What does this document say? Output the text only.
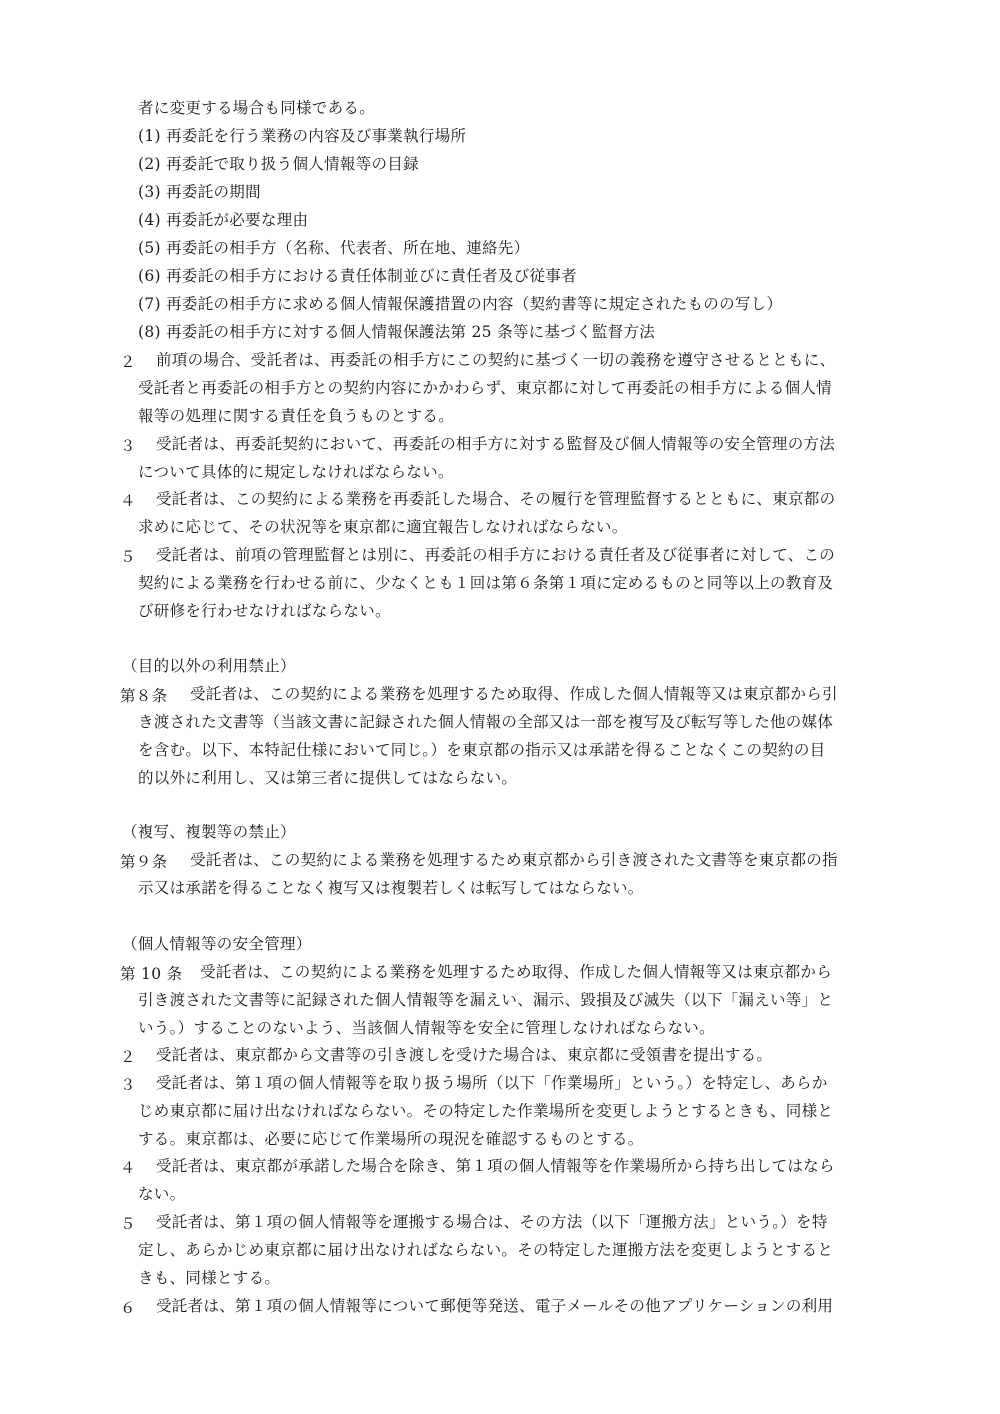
者に変更する場合も同様である。
(1) 再委託を行う業務の内容及び事業執行場所
(2) 再委託で取り扱う個人情報等の目録
(3) 再委託の期間
(4) 再委託が必要な理由
(5) 再委託の相手方（名称、代表者、所在地、連絡先）
(6) 再委託の相手方における責任体制並びに責任者及び従事者
(7) 再委託の相手方に求める個人情報保護措置の内容（契約書等に規定されたものの写し）
(8) 再委託の相手方に対する個人情報保護法第 25 条等に基づく監督方法
２ 前項の場合、受託者は、再委託の相手方にこの契約に基づく一切の義務を遵守させるとともに、
受託者と再委託の相手方との契約内容にかかわらず、東京都に対して再委託の相手方による個人情
報等の処理に関する責任を負うものとする。
３ 受託者は、再委託契約において、再委託の相手方に対する監督及び個人情報等の安全管理の方法
について具体的に規定しなければならない。
４ 受託者は、この契約による業務を再委託した場合、その履行を管理監督するとともに、東京都の
求めに応じて、その状況等を東京都に適宜報告しなければならない。
５ 受託者は、前項の管理監督とは別に、再委託の相手方における責任者及び従事者に対して、この
契約による業務を行わせる前に、少なくとも１回は第６条第１項に定めるものと同等以上の教育及
び研修を行わせなければならない。
（目的以外の利用禁止）
第８条 受託者は、この契約による業務を処理するため取得、作成した個人情報等又は東京都から引
き渡された文書等（当該文書に記録された個人情報の全部又は一部を複写及び転写等した他の媒体
を含む。以下、本特記仕様において同じ。）を東京都の指示又は承諾を得ることなくこの契約の目
的以外に利用し、又は第三者に提供してはならない。
（複写、複製等の禁止）
第９条 受託者は、この契約による業務を処理するため東京都から引き渡された文書等を東京都の指
示又は承諾を得ることなく複写又は複製若しくは転写してはならない。
（個人情報等の安全管理）
第 10 条 受託者は、この契約による業務を処理するため取得、作成した個人情報等又は東京都から
引き渡された文書等に記録された個人情報等を漏えい、漏示、毀損及び滅失（以下「漏えい等」と
いう。）することのないよう、当該個人情報等を安全に管理しなければならない。
２ 受託者は、東京都から文書等の引き渡しを受けた場合は、東京都に受領書を提出する。
３ 受託者は、第１項の個人情報等を取り扱う場所（以下「作業場所」という。）を特定し、あらか
じめ東京都に届け出なければならない。その特定した作業場所を変更しようとするときも、同様と
する。東京都は、必要に応じて作業場所の現況を確認するものとする。
４ 受託者は、東京都が承諾した場合を除き、第１項の個人情報等を作業場所から持ち出してはなら
ない。
５ 受託者は、第１項の個人情報等を運搬する場合は、その方法（以下「運搬方法」という。）を特
定し、あらかじめ東京都に届け出なければならない。その特定した運搬方法を変更しようとすると
きも、同様とする。
６ 受託者は、第１項の個人情報等について郵便等発送、電子メールその他アプリケーションの利用
